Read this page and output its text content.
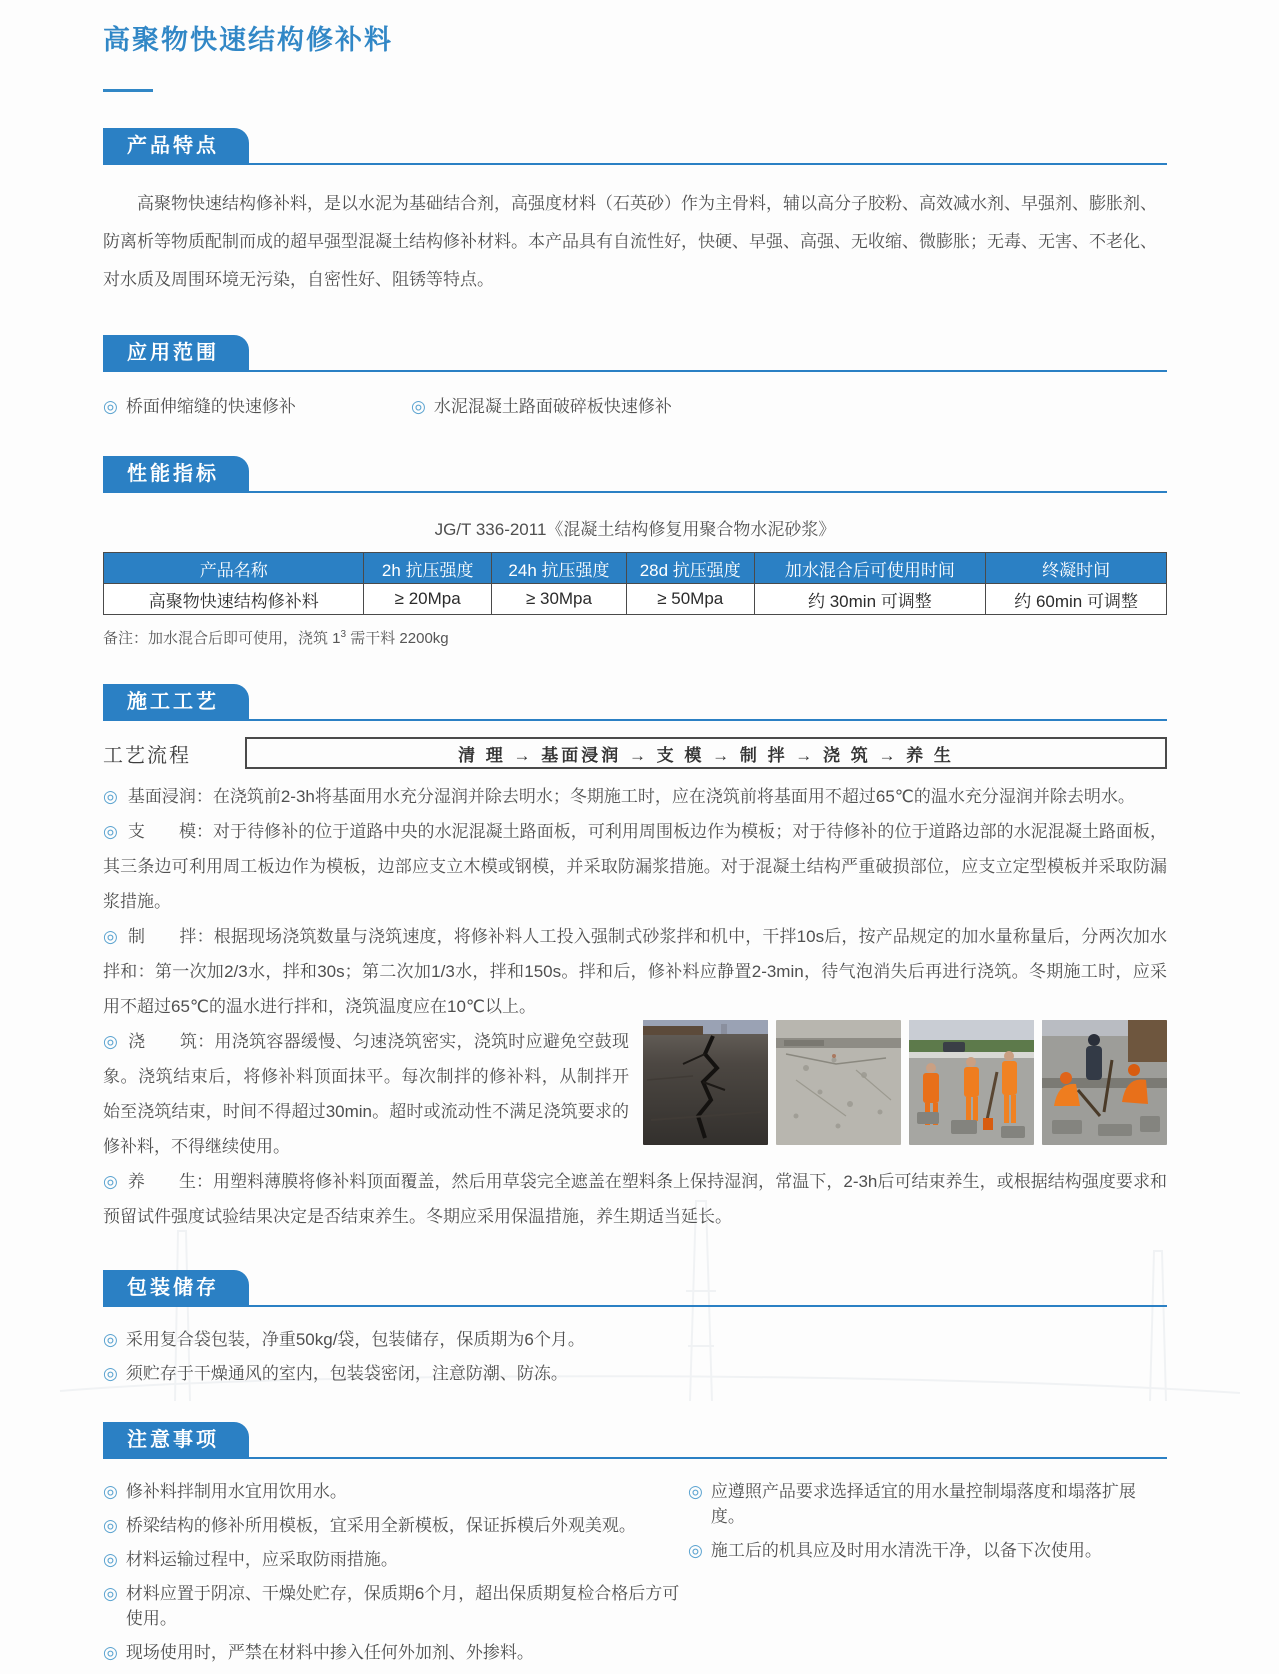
高聚物快速结构修补料
产品特点

高聚物快速结构修补料，是以水泥为基础结合剂，高强度材料（石英砂）作为主骨料，辅以高分子胶粉、高效减水剂、早强剂、膨胀剂、防离析等物质配制而成的超早强型混凝土结构修补材料。本产品具有自流性好，快硬、早强、高强、无收缩、微膨胀；无毒、无害、不老化、对水质及周围环境无污染，自密性好、阻锈等特点。

应用范围
◎ 桥面伸缩缝的快速修补	◎ 水泥混凝土路面破碎板快速修补
性能指标
JG/T 336-2011《混凝土结构修复用聚合物水泥砂浆》
产品名称	2h 抗压强度	24h 抗压强度	28d 抗压强度	加水混合后可使用时间	终凝时间
高聚物快速结构修补料	≥ 20Mpa	≥ 30Mpa	≥ 50Mpa	约 30min 可调整	约 60min 可调整
备注：加水混合后即可使用，浇筑 $1^3$ 需干料 2200kg
施工工艺
工艺流程	清 理 → 基面浸润 → 支 模 → 制 拌 → 浇 筑 → 养 生

◎ 基面浸润：在浇筑前2-3h将基面用水充分湿润并除去明水；冬期施工时，应在浇筑前将基面用不超过65℃的温水充分湿润并除去明水。

◎ 支　　模：对于待修补的位于道路中央的水泥混凝土路面板，可利用周围板边作为模板；对于待修补的位于道路边部的水泥混凝土路面板，其三条边可利用周工板边作为模板，边部应支立木模或钢模，并采取防漏浆措施。对于混凝土结构严重破损部位，应支立定型模板并采取防漏浆措施。

◎ 制　　拌：根据现场浇筑数量与浇筑速度，将修补料人工投入强制式砂浆拌和机中，干拌10s后，按产品规定的加水量称量后，分两次加水拌和：第一次加2/3水，拌和30s；第二次加1/3水，拌和150s。拌和后，修补料应静置2-3min，待气泡消失后再进行浇筑。冬期施工时，应采用不超过65℃的温水进行拌和，浇筑温度应在10℃以上。

◎ 浇　　筑：用浇筑容器缓慢、匀速浇筑密实，浇筑时应避免空鼓现象。浇筑结束后，将修补料顶面抹平。每次制拌的修补料，从制拌开始至浇筑结束，时间不得超过30min。超时或流动性不满足浇筑要求的修补料，不得继续使用。

◎ 养　　生：用塑料薄膜将修补料顶面覆盖，然后用草袋完全遮盖在塑料条上保持湿润，常温下，2-3h后可结束养生，或根据结构强度要求和预留试件强度试验结果决定是否结束养生。冬期应采用保温措施，养生期适当延长。

包装储存
◎ 采用复合袋包装，净重50kg/袋，包装储存，保质期为6个月。
◎ 须贮存于干燥通风的室内，包装袋密闭，注意防潮、防冻。
注意事项
◎ 修补料拌制用水宜用饮用水。
◎ 桥梁结构的修补所用模板，宜采用全新模板，保证拆模后外观美观。
◎ 材料运输过程中，应采取防雨措施。
◎ 材料应置于阴凉、干燥处贮存，保质期6个月，超出保质期复检合格后方可使用。
◎ 现场使用时，严禁在材料中掺入任何外加剂、外掺料。
◎ 应遵照产品要求选择适宜的用水量控制塌落度和塌落扩展度。
◎ 施工后的机具应及时用水清洗干净，以备下次使用。
